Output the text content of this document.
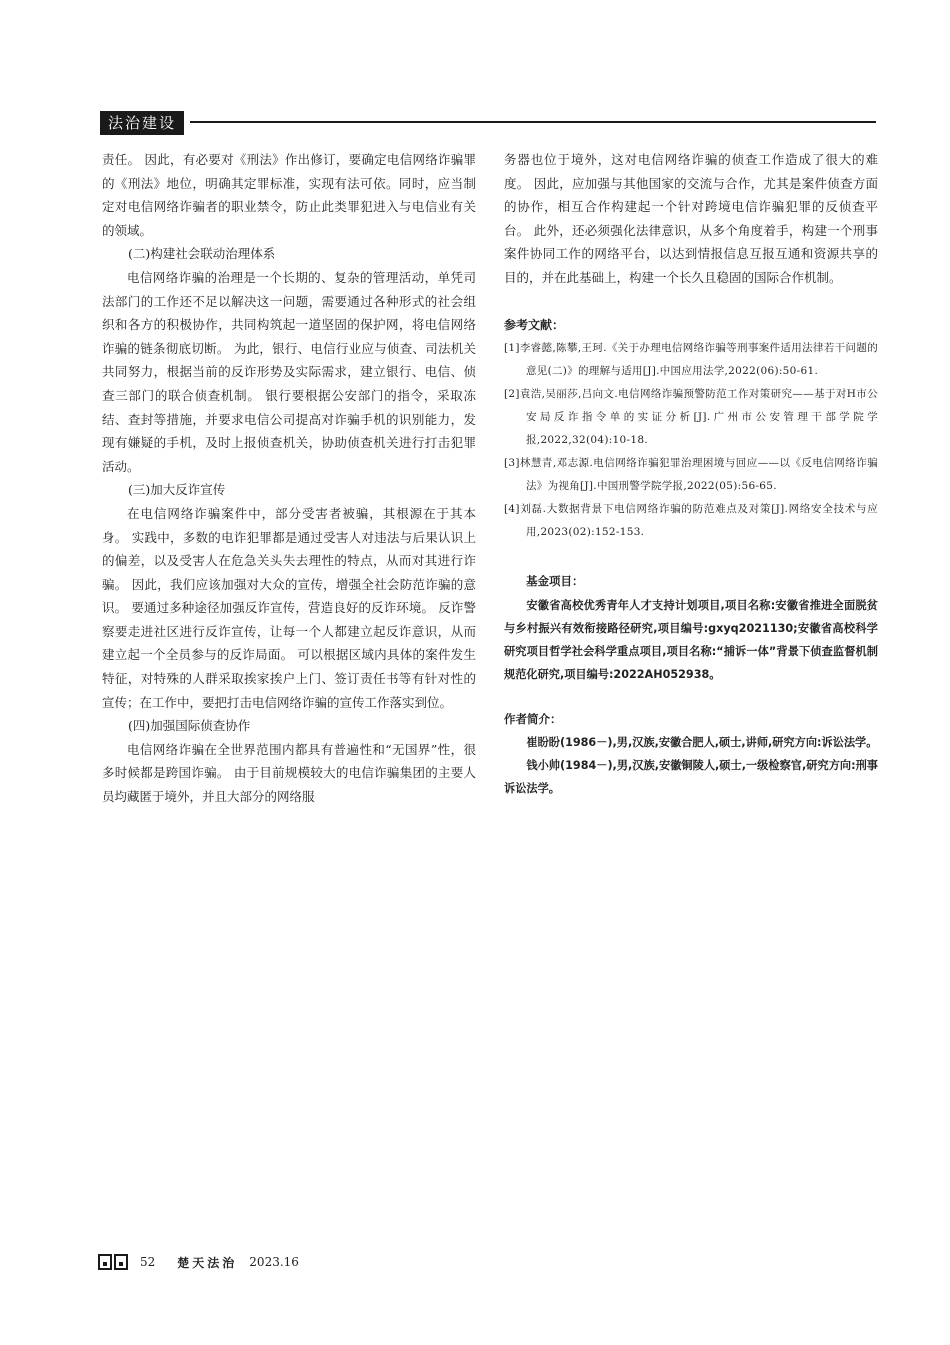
法治建设

责任。 因此，有必要对《刑法》作出修订，要确定电信网络诈骗罪的《刑法》地位，明确其定罪标准，实现有法可依。同时，应当制定对电信网络诈骗者的职业禁令，防止此类罪犯进入与电信业有关的领域。

(二)构建社会联动治理体系

电信网络诈骗的治理是一个长期的、复杂的管理活动，单凭司法部门的工作还不足以解决这一问题，需要通过各种形式的社会组织和各方的积极协作，共同构筑起一道坚固的保护网，将电信网络诈骗的链条彻底切断。 为此，银行、电信行业应与侦查、司法机关共同努力，根据当前的反诈形势及实际需求，建立银行、电信、侦查三部门的联合侦查机制。 银行要根据公安部门的指令，采取冻结、查封等措施，并要求电信公司提高对诈骗手机的识别能力，发现有嫌疑的手机，及时上报侦查机关，协助侦查机关进行打击犯罪活动。

(三)加大反诈宣传

在电信网络诈骗案件中，部分受害者被骗，其根源在于其本身。 实践中，多数的电诈犯罪都是通过受害人对违法与后果认识上的偏差，以及受害人在危急关头失去理性的特点，从而对其进行诈骗。 因此，我们应该加强对大众的宣传，增强全社会防范诈骗的意识。 要通过多种途径加强反诈宣传，营造良好的反诈环境。 反诈警察要走进社区进行反诈宣传，让每一个人都建立起反诈意识，从而建立起一个全员参与的反诈局面。 可以根据区域内具体的案件发生特征，对特殊的人群采取挨家挨户上门、签订责任书等有针对性的宣传；在工作中，要把打击电信网络诈骗的宣传工作落实到位。

(四)加强国际侦查协作

电信网络诈骗在全世界范围内都具有普遍性和“无国界”性，很多时候都是跨国诈骗。 由于目前规模较大的电信诈骗集团的主要人员均藏匿于境外，并且大部分的网络服

务器也位于境外，这对电信网络诈骗的侦查工作造成了很大的难度。 因此，应加强与其他国家的交流与合作，尤其是案件侦查方面的协作，相互合作构建起一个针对跨境电信诈骗犯罪的反侦查平台。 此外，还必须强化法律意识，从多个角度着手，构建一个刑事案件协同工作的网络平台，以达到情报信息互报互通和资源共享的目的，并在此基础上，构建一个长久且稳固的国际合作机制。

参考文献：

[1]李睿懿,陈攀,王珂.《关于办理电信网络诈骗等刑事案件适用法律若干问题的意见(二)》的理解与适用[J].中国应用法学,2022(06):50-61.

[2]袁浩,吴丽莎,吕向文.电信网络诈骗预警防范工作对策研究——基于对H市公安局反诈指令单的实证分析[J].广州市公安管理干部学院学报,2022,32(04):10-18.

[3]林慧青,邓志源.电信网络诈骗犯罪治理困境与回应——以《反电信网络诈骗法》为视角[J].中国刑警学院学报,2022(05):56-65.

[4]刘磊.大数据背景下电信网络诈骗的防范难点及对策[J].网络安全技术与应用,2023(02):152-153.

基金项目：

安徽省高校优秀青年人才支持计划项目,项目名称:安徽省推进全面脱贫与乡村振兴有效衔接路径研究,项目编号:gxyq2021130;安徽省高校科学研究项目哲学社会科学重点项目,项目名称:“捕诉一体”背景下侦查监督机制规范化研究,项目编号:2022AH052938。

作者简介：

崔盼盼(1986－),男,汉族,安徽合肥人,硕士,讲师,研究方向:诉讼法学。

钱小帅(1984－),男,汉族,安徽铜陵人,硕士,一级检察官,研究方向:刑事诉讼法学。

52 楚天法治 2023.16
